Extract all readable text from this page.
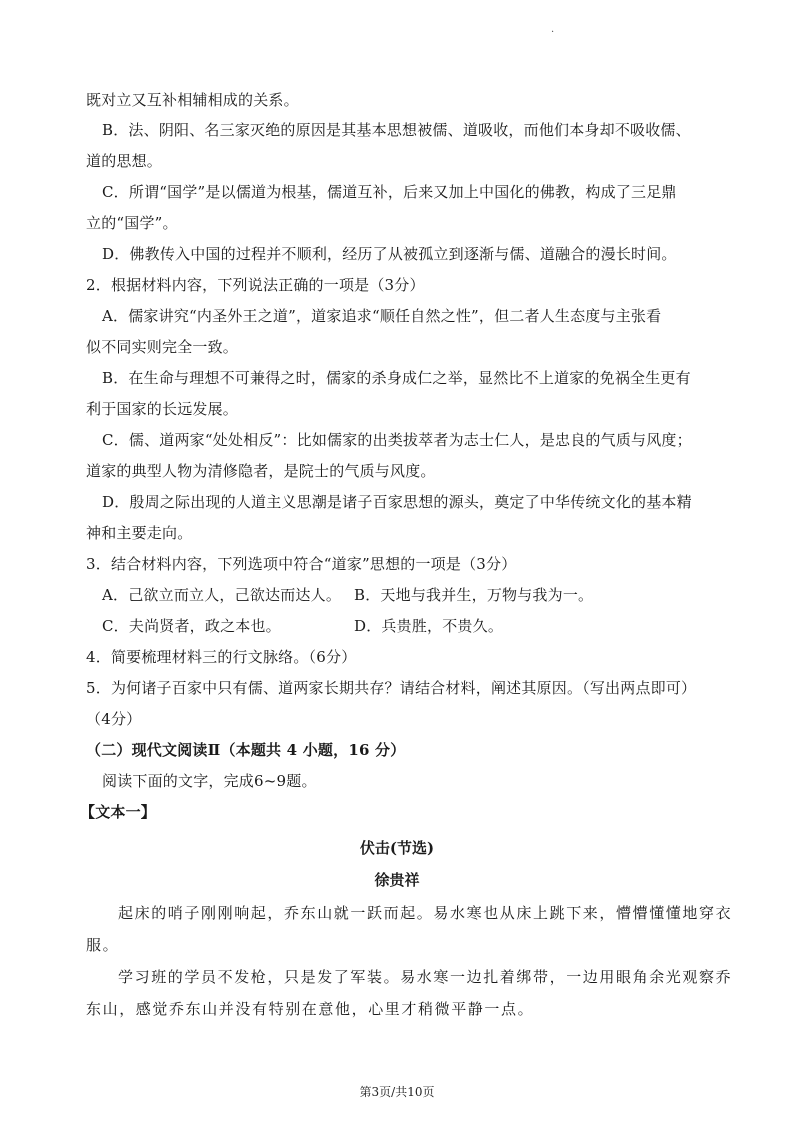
·
既对立又互补相辅相成的关系。
B．法、阴阳、名三家灭绝的原因是其基本思想被儒、道吸收，而他们本身却不吸收儒、
道的思想。
C．所谓“国学”是以儒道为根基，儒道互补，后来又加上中国化的佛教，构成了三足鼎
立的“国学”。
D．佛教传入中国的过程并不顺利，经历了从被孤立到逐渐与儒、道融合的漫长时间。
2．根据材料内容，下列说法正确的一项是（3分）
A．儒家讲究“内圣外王之道”，道家追求“顺任自然之性”，但二者人生态度与主张看
似不同实则完全一致。
B．在生命与理想不可兼得之时，儒家的杀身成仁之举，显然比不上道家的免祸全生更有
利于国家的长远发展。
C．儒、道两家“处处相反”：比如儒家的出类拔萃者为志士仁人，是忠良的气质与风度；
道家的典型人物为清修隐者，是院士的气质与风度。
D．殷周之际出现的人道主义思潮是诸子百家思想的源头，奠定了中华传统文化的基本精
神和主要走向。
3．结合材料内容，下列选项中符合“道家”思想的一项是（3分）
A．己欲立而立人，己欲达而达人。 B．天地与我并生，万物与我为一。
C．夫尚贤者，政之本也。	D．兵贵胜，不贵久。
4．简要梳理材料三的行文脉络。（6分）
5．为何诸子百家中只有儒、道两家长期共存？请结合材料，阐述其原因。（写出两点即可）
（4分）
（二）现代文阅读Ⅱ（本题共 4 小题，16 分）
阅读下面的文字，完成6~9题。
【文本一】
伏击(节选)
徐贵祥
起床的哨子刚刚响起，乔东山就一跃而起。易水寒也从床上跳下来，懵懵懂懂地穿衣
服。
学习班的学员不发枪，只是发了军装。易水寒一边扎着绑带，一边用眼角余光观察乔
东山，感觉乔东山并没有特别在意他，心里才稍微平静一点。
第3页/共10页
